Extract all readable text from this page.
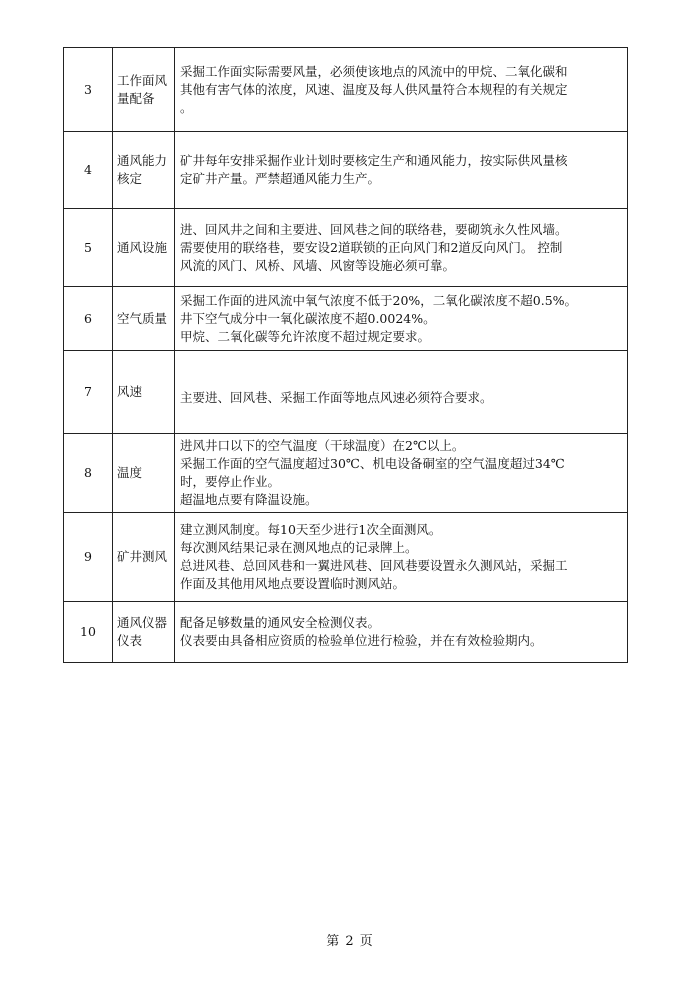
3	工作面风量配备	采掘工作面实际需要风量，必须使该地点的风流中的甲烷、二氧化碳和
其他有害气体的浓度，风速、温度及每人供风量符合本规程的有关规定
。

4	通风能力核定	矿井每年安排采掘作业计划时要核定生产和通风能力，按实际供风量核
定矿井产量。严禁超通风能力生产。

5	通风设施	进、回风井之间和主要进、回风巷之间的联络巷，要砌筑永久性风墙。
需要使用的联络巷，要安设2道联锁的正向风门和2道反向风门。 控制
风流的风门、风桥、风墙、风窗等设施必须可靠。

6	空气质量	采掘工作面的进风流中氧气浓度不低于20%，二氧化碳浓度不超0.5%。
井下空气成分中一氧化碳浓度不超0.0024%。
甲烷、二氧化碳等允许浓度不超过规定要求。

7	风速	主要进、回风巷、采掘工作面等地点风速必须符合要求。

8	温度	进风井口以下的空气温度（干球温度）在2℃以上。
采掘工作面的空气温度超过30℃、机电设备硐室的空气温度超过34℃
时，要停止作业。
超温地点要有降温设施。

9	矿井测风	建立测风制度。每10天至少进行1次全面测风。
每次测风结果记录在测风地点的记录牌上。
总进风巷、总回风巷和一翼进风巷、回风巷要设置永久测风站，采掘工
作面及其他用风地点要设置临时测风站。

10	通风仪器仪表	配备足够数量的通风安全检测仪表。
仪表要由具备相应资质的检验单位进行检验，并在有效检验期内。
第 2 页
